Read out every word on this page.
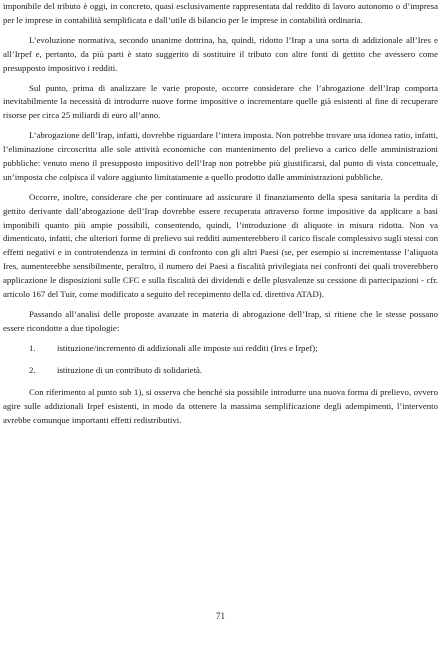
imponibile del tributo è oggi, in concreto, quasi esclusivamente rappresentata dal reddito di lavoro autonomo o d’impresa per le imprese in contabilità semplificata e dall’utile di bilancio per le imprese in contabilità ordinaria.

L’evoluzione normativa, secondo unanime dottrina, ha, quindi, ridotto l’Irap a una sorta di addizionale all’Ires e all’Irpef e, pertanto, da più parti è stato suggerito di sostituire il tributo con altre fonti di gettito che avessero come presupposto impositivo i redditi.

Sul punto, prima di analizzare le varie proposte, occorre considerare che l’abrogazione dell’Irap comporta inevitabilmente la necessità di introdurre nuove forme impositive o incrementare quelle già esistenti al fine di recuperare risorse per circa 25 miliardi di euro all’anno.

L’abrogazione dell’Irap, infatti, dovrebbe riguardare l’intera imposta. Non potrebbe trovare una idonea ratio, infatti, l’eliminazione circoscritta alle sole attività economiche con mantenimento del prelievo a carico delle amministrazioni pubbliche: venuto meno il presupposto impositivo dell’Irap non potrebbe più giustificarsi, dal punto di vista concettuale, un’imposta che colpisca il valore aggiunto limitatamente a quello prodotto dalle amministrazioni pubbliche.

Occorre, inoltre, considerare che per continuare ad assicurare il finanziamento della spesa sanitaria la perdita di gettito derivante dall’abrogazione dell’Irap dovrebbe essere recuperata attraverso forme impositive da applicare a basi imponibili quanto più ampie possibili, consentendo, quindi, l’introduzione di aliquote in misura ridotta. Non va dimenticato, infatti, che ulteriori forme di prelievo sui redditi aumenterebbero il carico fiscale complessivo sugli stessi con effetti negativi e in controtendenza in termini di confronto con gli altri Paesi (se, per esempio si incrementasse l’aliquota Ires, aumenterebbe sensibilmente, peraltro, il numero dei Paesi a fiscalità privilegiata nei confronti dei quali troverebbero applicazione le disposizioni sulle CFC e sulla fiscalità dei dividendi e delle plusvalenze su cessione di partecipazioni - cfr. articolo 167 del Tuir, come modificato a seguito del recepimento della cd. direttiva ATAD).

Passando all’analisi delle proposte avanzate in materia di abrogazione dell’Irap, si ritiene che le stesse possano essere ricondotte a due tipologie:

1. istituzione/incremento di addizionali alle imposte sui redditi (Ires e Irpef);
2. istituzione di un contributo di solidarietà.

Con riferimento al punto sub 1), si osserva che benché sia possibile introdurre una nuova forma di prelievo, ovvero agire sulle addizionali Irpef esistenti, in modo da ottenere la massima semplificazione degli adempimenti, l’intervento avrebbe comunque importanti effetti redistributivi.

71
